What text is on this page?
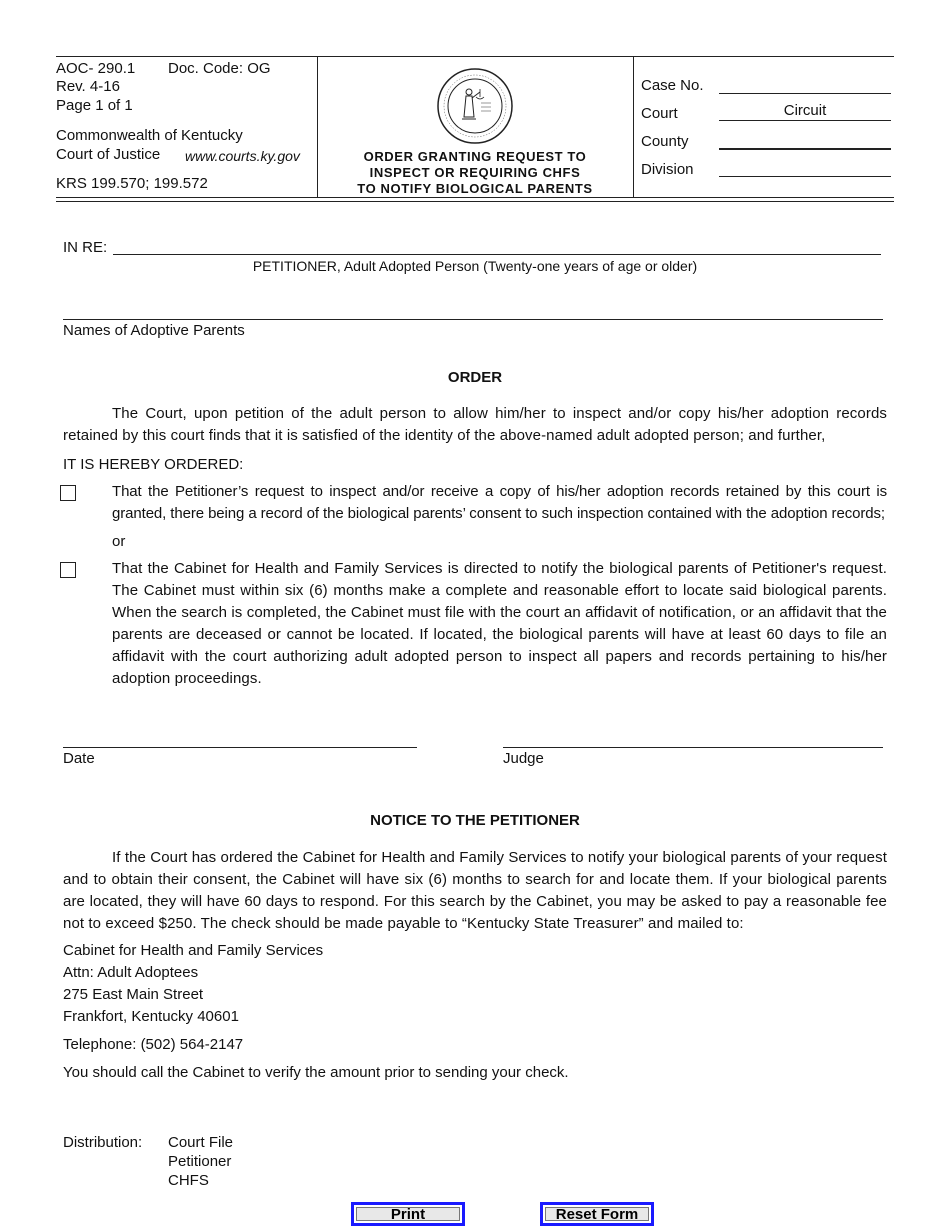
AOC- 290.1 Doc. Code: OG
Rev. 4-16
Page 1 of 1
Commonwealth of Kentucky
Court of Justice www.courts.ky.gov
KRS 199.570; 199.572
ORDER GRANTING REQUEST TO
INSPECT OR REQUIRING CHFS
TO NOTIFY BIOLOGICAL PARENTS
Case No.
Court	Circuit
County
Division
IN RE:
PETITIONER, Adult Adopted Person (Twenty-one years of age or older)
Names of Adoptive Parents
ORDER
The Court, upon petition of the adult person to allow him/her to inspect and/or copy his/her adoption records retained by this court finds that it is satisfied of the identity of the above-named adult adopted person; and further,
IT IS HEREBY ORDERED:
That the Petitioner’s request to inspect and/or receive a copy of his/her adoption records retained by this court is granted, there being a record of the biological parents’ consent to such inspection contained with the adoption records;
or
That the Cabinet for Health and Family Services is directed to notify the biological parents of Petitioner's request. The Cabinet must within six (6) months make a complete and reasonable effort to locate said biological parents. When the search is completed, the Cabinet must file with the court an affidavit of notification, or an affidavit that the parents are deceased or cannot be located. If located, the biological parents will have at least 60 days to file an affidavit with the court authorizing adult adopted person to inspect all papers and records pertaining to his/her adoption proceedings.
Date	Judge
NOTICE TO THE PETITIONER
If the Court has ordered the Cabinet for Health and Family Services to notify your biological parents of your request and to obtain their consent, the Cabinet will have six (6) months to search for and locate them. If your biological parents are located, they will have 60 days to respond. For this search by the Cabinet, you may be asked to pay a reasonable fee not to exceed $250. The check should be made payable to “Kentucky State Treasurer” and mailed to:
Cabinet for Health and Family Services
Attn: Adult Adoptees
275 East Main Street
Frankfort, Kentucky 40601
Telephone: (502) 564-2147
You should call the Cabinet to verify the amount prior to sending your check.
Distribution: Court File
Petitioner
CHFS
Print	Reset Form
